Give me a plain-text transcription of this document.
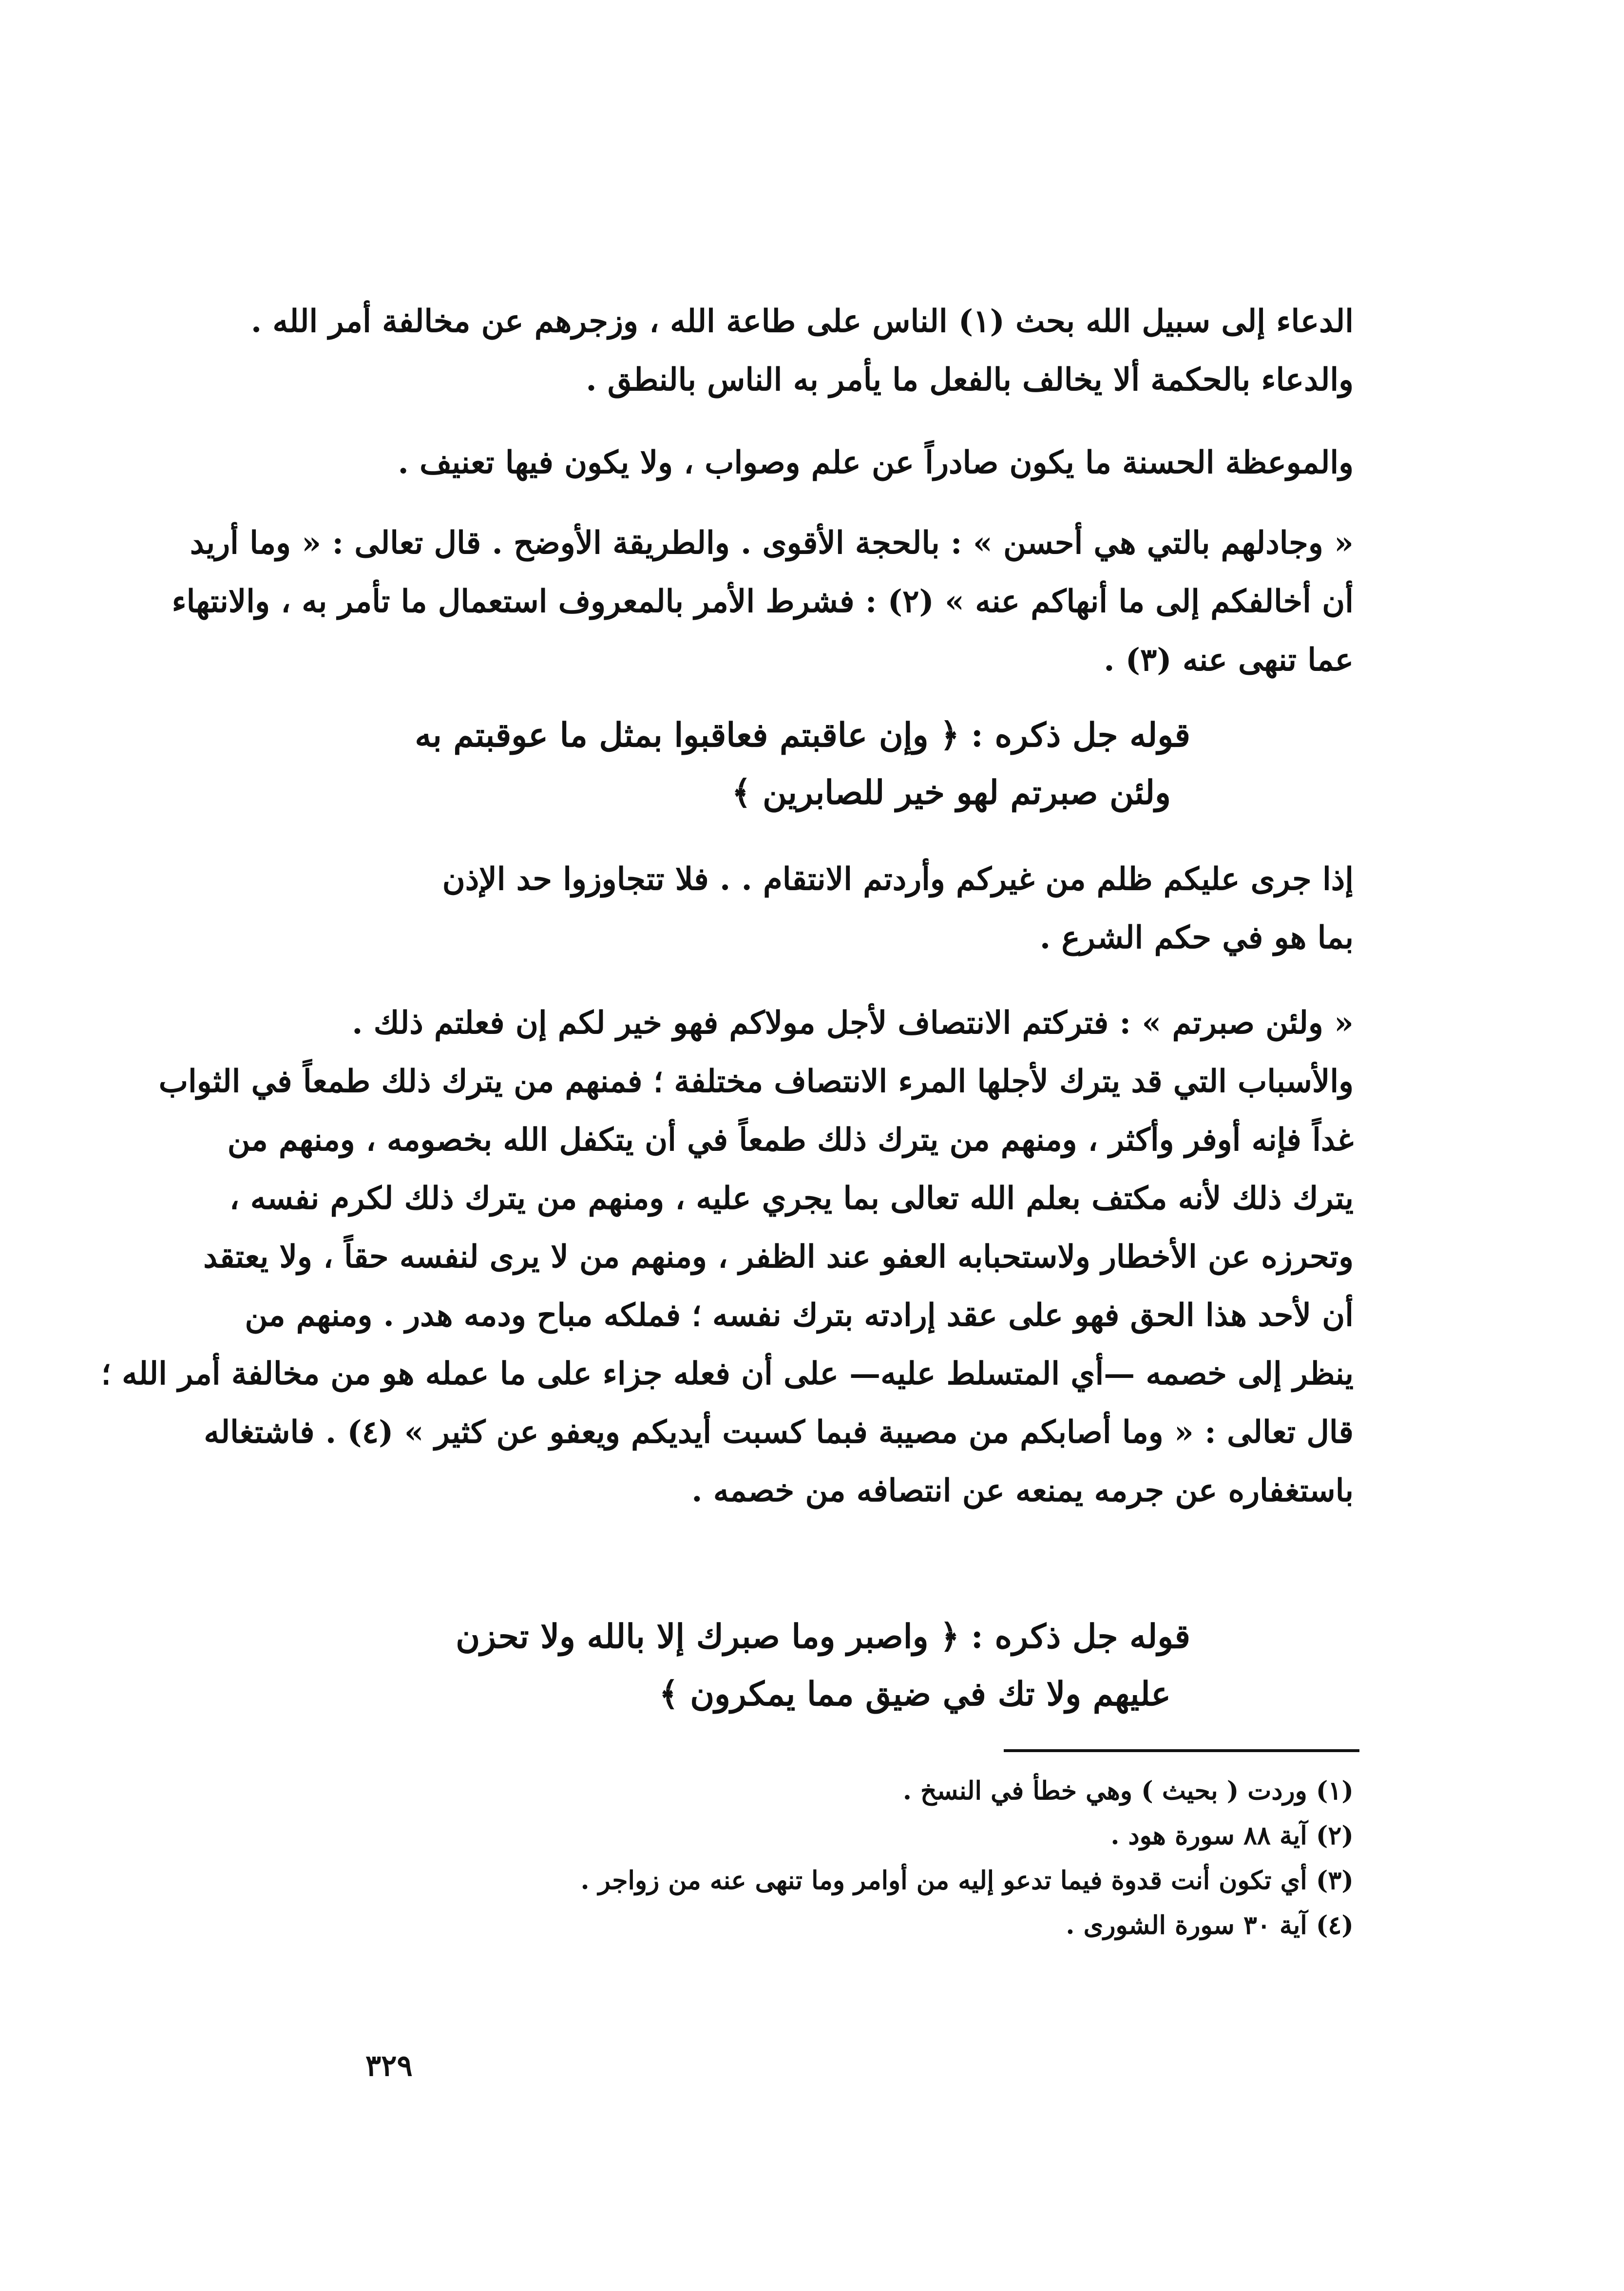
الدعاء إلى سبيل الله بحث (١) الناس على طاعة الله ، وزجرهم عن مخالفة أمر الله .
والدعاء بالحكمة ألا يخالف بالفعل ما يأمر به الناس بالنطق .
والموعظة الحسنة ما يكون صادراً عن علم وصواب ، ولا يكون فيها تعنيف .
« وجادلهم بالتي هي أحسن » : بالحجة الأقوى . والطريقة الأوضح . قال تعالى : « وما أريد
أن أخالفكم إلى ما أنهاكم عنه » (٢) : فشرط الأمر بالمعروف استعمال ما تأمر به ، والانتهاء
عما تنهى عنه (٣) .
قوله جل ذكره : ﴿ وإن عاقبتم فعاقبوا بمثل ما عوقبتم به
ولئن صبرتم لهو خير للصابرين ﴾
إذا جرى عليكم ظلم من غيركم وأردتم الانتقام . . فلا تتجاوزوا حد الإذن
بما هو في حكم الشرع .
« ولئن صبرتم » : فتركتم الانتصاف لأجل مولاكم فهو خير لكم إن فعلتم ذلك .
والأسباب التي قد يترك لأجلها المرء الانتصاف مختلفة ؛ فمنهم من يترك ذلك طمعاً في الثواب
غداً فإنه أوفر وأكثر ، ومنهم من يترك ذلك طمعاً في أن يتكفل الله بخصومه ، ومنهم من
يترك ذلك لأنه مكتف بعلم الله تعالى بما يجري عليه ، ومنهم من يترك ذلك لكرم نفسه ،
وتحرزه عن الأخطار ولاستحبابه العفو عند الظفر ، ومنهم من لا يرى لنفسه حقاً ، ولا يعتقد
أن لأحد هذا الحق فهو على عقد إرادته بترك نفسه ؛ فملكه مباح ودمه هدر . ومنهم من
ينظر إلى خصمه —أي المتسلط عليه— على أن فعله جزاء على ما عمله هو من مخالفة أمر الله ؛
قال تعالى : « وما أصابكم من مصيبة فبما كسبت أيديكم ويعفو عن كثير » (٤) . فاشتغاله
باستغفاره عن جرمه يمنعه عن انتصافه من خصمه .
قوله جل ذكره : ﴿ واصبر وما صبرك إلا بالله ولا تحزن
عليهم ولا تك في ضيق مما يمكرون ﴾
(١) وردت ( بحيث ) وهي خطأ في النسخ .
(٢) آية ٨٨ سورة هود .
(٣) أي تكون أنت قدوة فيما تدعو إليه من أوامر وما تنهى عنه من زواجر .
(٤) آية ٣٠ سورة الشورى .
٣٢٩
